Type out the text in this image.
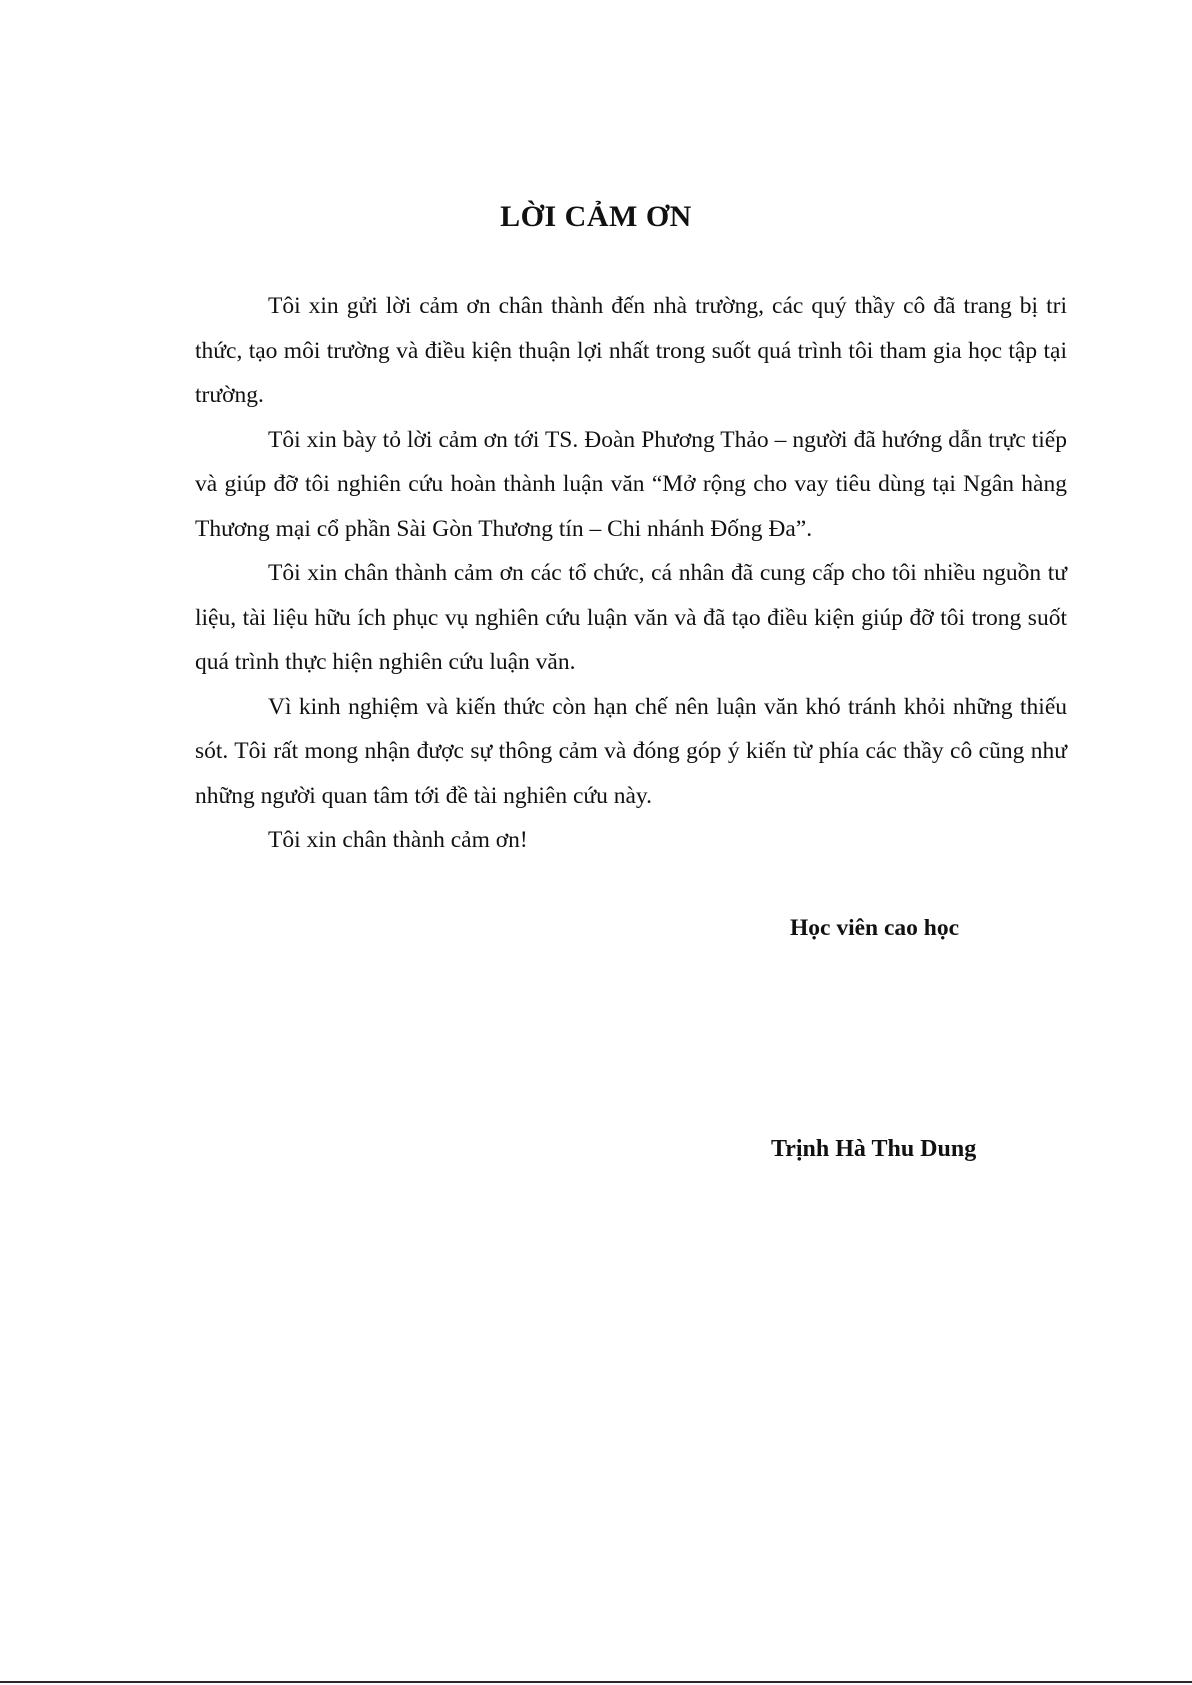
LỜI CẢM ƠN

Tôi xin gửi lời cảm ơn chân thành đến nhà trường, các quý thầy cô đã trang bị tri thức, tạo môi trường và điều kiện thuận lợi nhất trong suốt quá trình tôi tham gia học tập tại trường.

Tôi xin bày tỏ lời cảm ơn tới TS. Đoàn Phương Thảo – người đã hướng dẫn trực tiếp và giúp đỡ tôi nghiên cứu hoàn thành luận văn “Mở rộng cho vay tiêu dùng tại Ngân hàng Thương mại cổ phần Sài Gòn Thương tín – Chi nhánh Đống Đa”.

Tôi xin chân thành cảm ơn các tổ chức, cá nhân đã cung cấp cho tôi nhiều nguồn tư liệu, tài liệu hữu ích phục vụ nghiên cứu luận văn và đã tạo điều kiện giúp đỡ tôi trong suốt quá trình thực hiện nghiên cứu luận văn.

Vì kinh nghiệm và kiến thức còn hạn chế nên luận văn khó tránh khỏi những thiếu sót. Tôi rất mong nhận được sự thông cảm và đóng góp ý kiến từ phía các thầy cô cũng như những người quan tâm tới đề tài nghiên cứu này.

Tôi xin chân thành cảm ơn!

Học viên cao học
Trịnh Hà Thu Dung
